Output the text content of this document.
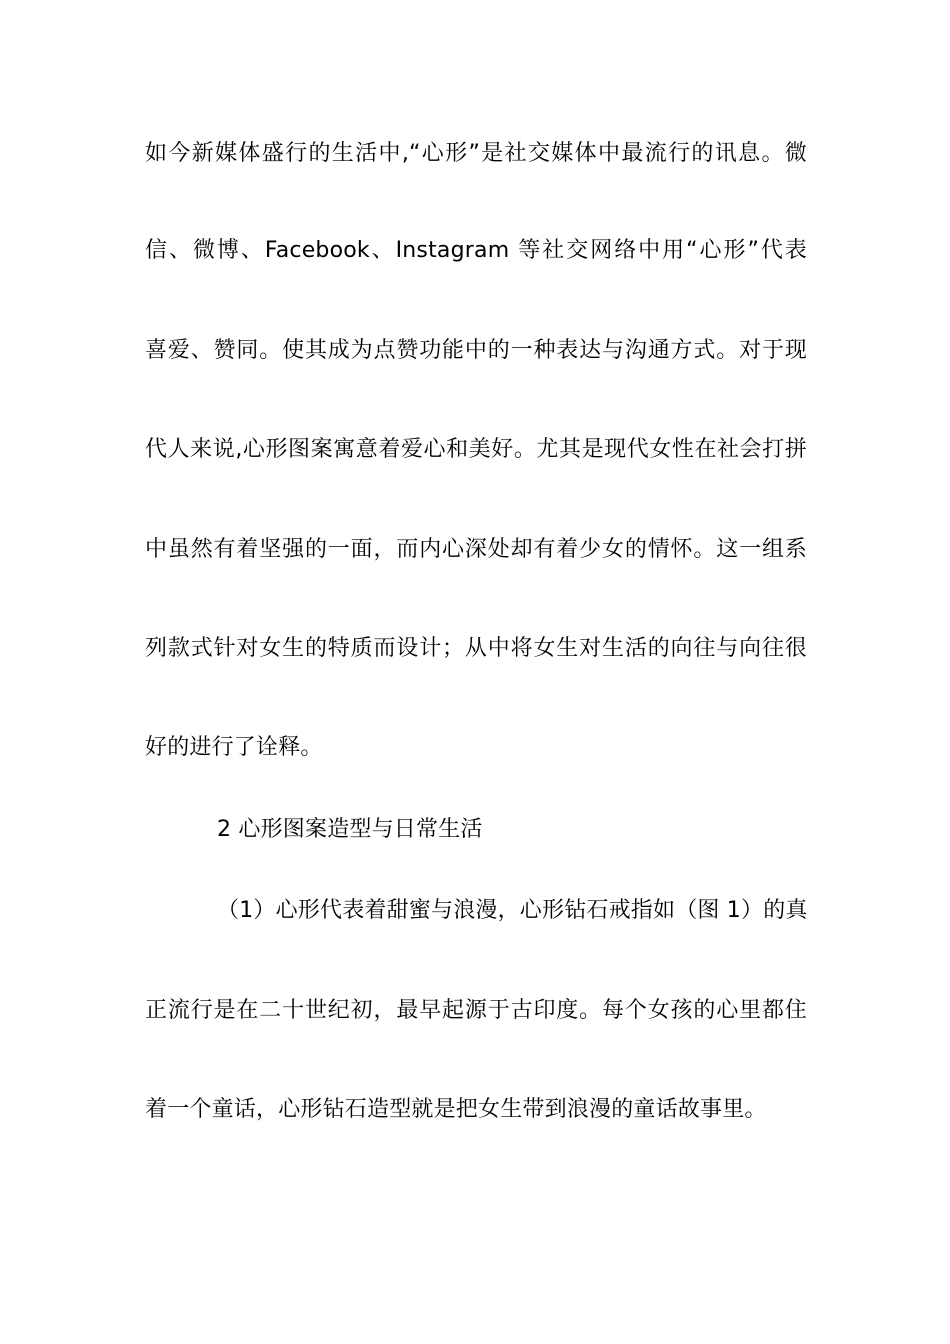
如今新媒体盛行的生活中,“心形”是社交媒体中最流行的讯息。微
信、微博、Facebook、Instagram 等社交网络中用“心形”代表
喜爱、赞同。使其成为点赞功能中的一种表达与沟通方式。对于现
代人来说,心形图案寓意着爱心和美好。尤其是现代女性在社会打拼
中虽然有着坚强的一面，而内心深处却有着少女的情怀。这一组系
列款式针对女生的特质而设计；从中将女生对生活的向往与向往很
好的进行了诠释。
2 心形图案造型与日常生活
（1）心形代表着甜蜜与浪漫，心形钻石戒指如（图 1）的真
正流行是在二十世纪初，最早起源于古印度。每个女孩的心里都住
着一个童话，心形钻石造型就是把女生带到浪漫的童话故事里。
